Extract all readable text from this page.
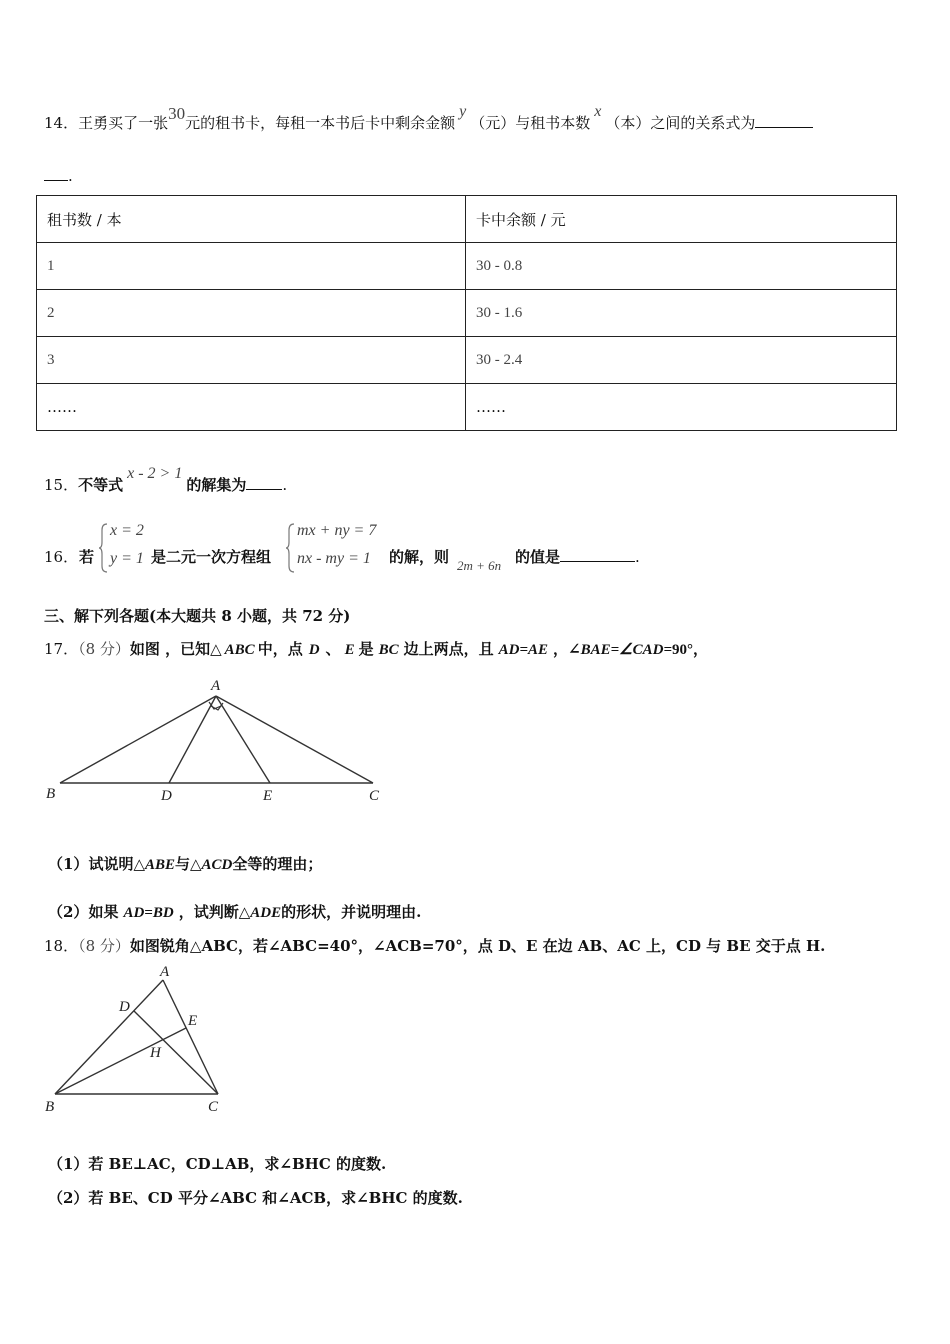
14．王勇买了一张30元的租书卡，每租一本书后卡中剩余金额y（元）与租书本数x（本）之间的关系式为
.
租书数 / 本	卡中余额 / 元
1	30 - 0.8
2	30 - 1.6
3	30 - 2.4
……	……
15．不等式x - 2 > 1的解集为 .
16． 若
x = 2
y = 1 是二元一次方程组
mx + ny = 7
nx - my = 1 的解，则 2m + 6n 的值是	.
三、解下列各题(本大题共 8 小题，共 72 分)
17．（8 分）如图 ，已知△ ABC 中，点 D 、 E 是 BC 边上两点，且 AD=AE ，∠BAE=∠CAD=90°，
A
B	D	E	C
（1）试说明△ABE与△ACD全等的理由；
（2）如果 AD=BD ，试判断△ADE的形状，并说明理由.
18．（8 分）如图锐角△ABC，若∠ABC=40°，∠ACB=70°，点 D、E 在边 AB、AC 上，CD 与 BE 交于点 H.
A
D
E
H
B	C
（1）若 BE⊥AC，CD⊥AB，求∠BHC 的度数.
（2）若 BE、CD 平分∠ABC 和∠ACB，求∠BHC 的度数.
